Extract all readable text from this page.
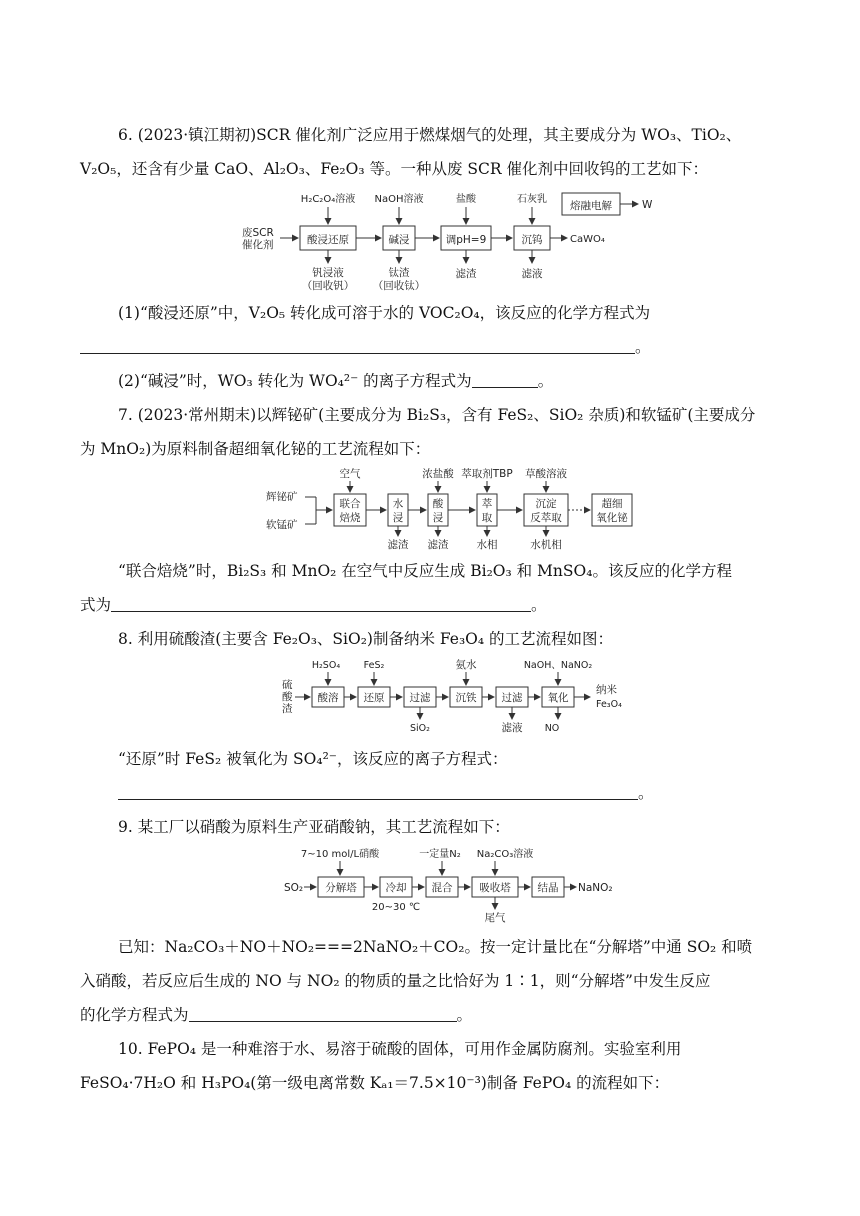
6. (2023·镇江期初)SCR 催化剂广泛应用于燃煤烟气的处理，其主要成分为 WO₃、TiO₂、

V₂O₅，还含有少量 CaO、Al₂O₃、Fe₂O₃ 等。一种从废 SCR 催化剂中回收钨的工艺如下：

废SCR
催化剂	酸浸还原
H₂C₂O₄溶液
钒浸液
（回收钒）
碱浸
NaOH溶液
钛渣
（回收钛）
调pH=9
盐酸
滤渣
沉钨
石灰乳
滤液
CaWO₄
熔融电解	W

(1)“酸浸还原”中，V₂O₅ 转化成可溶于水的 VOC₂O₄，该反应的化学方程式为

。
(2)“碱浸”时，WO₃ 转化为 WO₄²⁻ 的离子方程式为	。

7. (2023·常州期末)以辉铋矿(主要成分为 Bi₂S₃，含有 FeS₂、SiO₂ 杂质)和软锰矿(主要成分

为 MnO₂)为原料制备超细氧化铋的工艺流程如下：

辉铋矿
软锰矿
联合
焙烧
空气
水
浸
滤渣
酸
浸
浓盐酸
滤渣
萃
取
萃取剂TBP
水相
沉淀
反萃取
草酸溶液
水机相
超细
氧化铋

“联合焙烧”时，Bi₂S₃ 和 MnO₂ 在空气中反应生成 Bi₂O₃ 和 MnSO₄。该反应的化学方程

式为	。

8. 利用硫酸渣(主要含 Fe₂O₃、SiO₂)制备纳米 Fe₃O₄ 的工艺流程如图：

硫
酸
渣
酸溶
H₂SO₄
还原
FeS₂
过滤
SiO₂
沉铁
氨水
过滤
滤液
氧化
NaOH、NaNO₂
NO
纳米
Fe₃O₄

“还原”时 FeS₂ 被氧化为 SO₄²⁻，该反应的离子方程式：

。

9. 某工厂以硝酸为原料生产亚硝酸钠，其工艺流程如下：

7~10 mol/L硝酸
SO₂ 分解塔	冷却
20~30 ℃
混合
一定量N₂
吸收塔
Na₂CO₃溶液
尾气
结晶 NaNO₂

已知：Na₂CO₃＋NO＋NO₂===2NaNO₂＋CO₂。按一定计量比在“分解塔”中通 SO₂ 和喷

入硝酸，若反应后生成的 NO 与 NO₂ 的物质的量之比恰好为 1∶1，则“分解塔”中发生反应

的化学方程式为	。

10. FePO₄ 是一种难溶于水、易溶于硫酸的固体，可用作金属防腐剂。实验室利用

FeSO₄·7H₂O 和 H₃PO₄(第一级电离常数 Kₐ₁＝7.5×10⁻³)制备 FePO₄ 的流程如下：
